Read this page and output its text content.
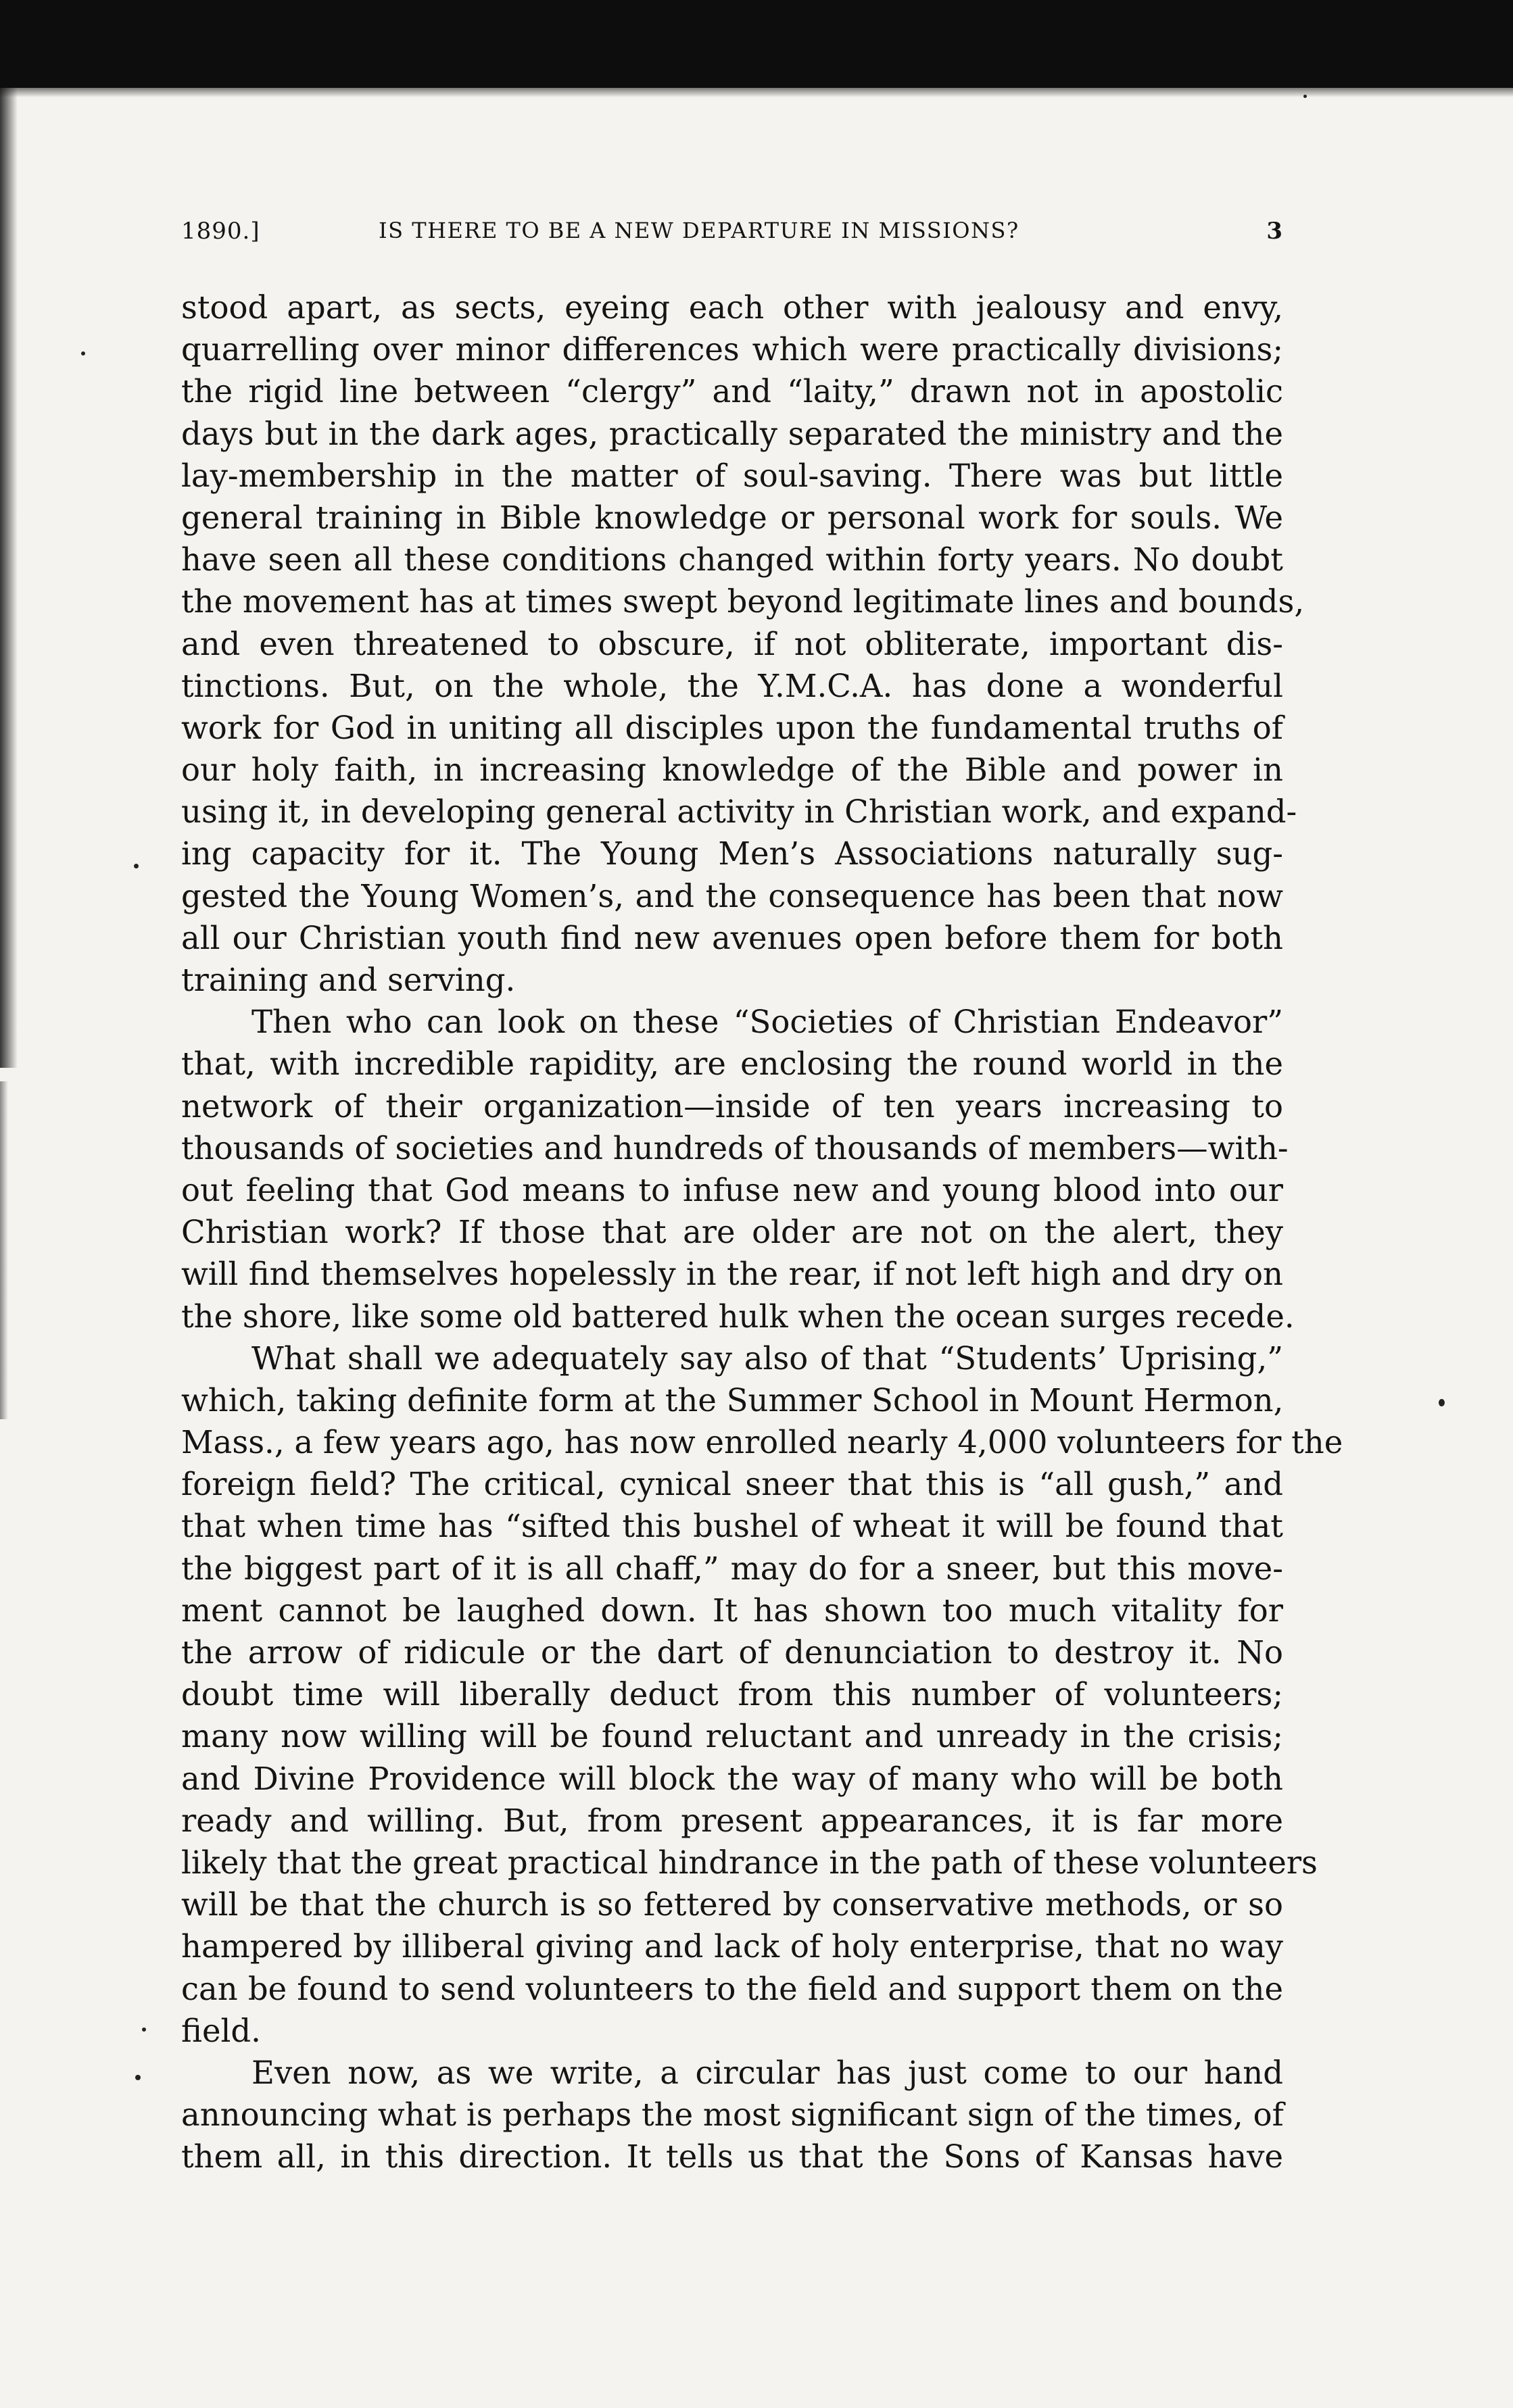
1890.]	IS THERE TO BE A NEW DEPARTURE IN MISSIONS?	3
stood apart, as sects, eyeing each other with jealousy and envy,
quarrelling over minor differences which were practically divisions;
the rigid line between “clergy” and “laity,” drawn not in apostolic
days but in the dark ages, practically separated the ministry and the
lay-membership in the matter of soul-saving. There was but little
general training in Bible knowledge or personal work for souls. We
have seen all these conditions changed within forty years. No doubt
the movement has at times swept beyond legitimate lines and bounds,
and even threatened to obscure, if not obliterate, important dis-
tinctions. But, on the whole, the Y.M.C.A. has done a wonderful
work for God in uniting all disciples upon the fundamental truths of
our holy faith, in increasing knowledge of the Bible and power in
using it, in developing general activity in Christian work, and expand-
ing capacity for it. The Young Men’s Associations naturally sug-
gested the Young Women’s, and the consequence has been that now
all our Christian youth find new avenues open before them for both
training and serving.
Then who can look on these “Societies of Christian Endeavor”
that, with incredible rapidity, are enclosing the round world in the
network of their organization—inside of ten years increasing to
thousands of societies and hundreds of thousands of members—with-
out feeling that God means to infuse new and young blood into our
Christian work? If those that are older are not on the alert, they
will find themselves hopelessly in the rear, if not left high and dry on
the shore, like some old battered hulk when the ocean surges recede.
What shall we adequately say also of that “Students’ Uprising,”
which, taking definite form at the Summer School in Mount Hermon,
Mass., a few years ago, has now enrolled nearly 4,000 volunteers for the
foreign field? The critical, cynical sneer that this is “all gush,” and
that when time has “sifted this bushel of wheat it will be found that
the biggest part of it is all chaff,” may do for a sneer, but this move-
ment cannot be laughed down. It has shown too much vitality for
the arrow of ridicule or the dart of denunciation to destroy it. No
doubt time will liberally deduct from this number of volunteers;
many now willing will be found reluctant and unready in the crisis;
and Divine Providence will block the way of many who will be both
ready and willing. But, from present appearances, it is far more
likely that the great practical hindrance in the path of these volunteers
will be that the church is so fettered by conservative methods, or so
hampered by illiberal giving and lack of holy enterprise, that no way
can be found to send volunteers to the field and support them on the
field.
Even now, as we write, a circular has just come to our hand
announcing what is perhaps the most significant sign of the times, of
them all, in this direction. It tells us that the Sons of Kansas have
